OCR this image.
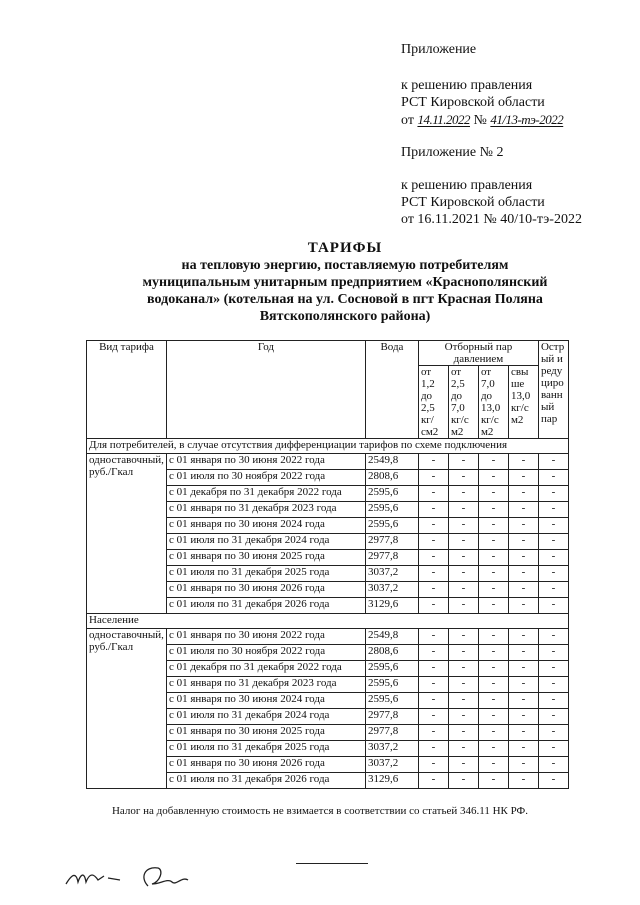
Приложение
к решению правления
РСТ Кировской области
от 14.11.2022 № 41/13-тэ-2022
Приложение № 2
к решению правления
РСТ Кировской области
от 16.11.2021 № 40/10-тэ-2022
ТАРИФЫ
на тепловую энергию, поставляемую потребителям
муниципальным унитарным предприятием «Краснополянский
водоканал» (котельная на ул. Сосновой в пгт Красная Поляна
Вятскополянского района)
Вид тарифа	Год	Вода	Отборный пар давлением				Остр ый и реду циро ванн ый пар
			от 1,2 до 2,5 кг/см2	от 2,5 до 7,0 кг/с м2	от 7,0 до 13,0 кг/с м2	свы ше 13,0 кг/с м2	
Для потребителей, в случае отсутствия дифференциации тарифов по схеме подключения							
одноставочный, руб./Гкал	с 01 января по 30 июня 2022 года	2549,8	-	-	-	-	-
	с 01 июля по 30 ноября 2022 года	2808,6	-	-	-	-	-
	с 01 декабря по 31 декабря 2022 года	2595,6	-	-	-	-	-
	с 01 января по 31 декабря 2023 года	2595,6	-	-	-	-	-
	с 01 января по 30 июня 2024 года	2595,6	-	-	-	-	-
	с 01 июля по 31 декабря 2024 года	2977,8	-	-	-	-	-
	с 01 января по 30 июня 2025 года	2977,8	-	-	-	-	-
	с 01 июля по 31 декабря 2025 года	3037,2	-	-	-	-	-
	с 01 января по 30 июня 2026 года	3037,2	-	-	-	-	-
	с 01 июля по 31 декабря 2026 года	3129,6	-	-	-	-	-
Население							
одноставочный, руб./Гкал	с 01 января по 30 июня 2022 года	2549,8	-	-	-	-	-
	с 01 июля по 30 ноября 2022 года	2808,6	-	-	-	-	-
	с 01 декабря по 31 декабря 2022 года	2595,6	-	-	-	-	-
	с 01 января по 31 декабря 2023 года	2595,6	-	-	-	-	-
	с 01 января по 30 июня 2024 года	2595,6	-	-	-	-	-
	с 01 июля по 31 декабря 2024 года	2977,8	-	-	-	-	-
	с 01 января по 30 июня 2025 года	2977,8	-	-	-	-	-
	с 01 июля по 31 декабря 2025 года	3037,2	-	-	-	-	-
	с 01 января по 30 июня 2026 года	3037,2	-	-	-	-	-
	с 01 июля по 31 декабря 2026 года	3129,6	-	-	-	-	-
Налог на добавленную стоимость не взимается в соответствии со статьей 346.11 НК РФ.
